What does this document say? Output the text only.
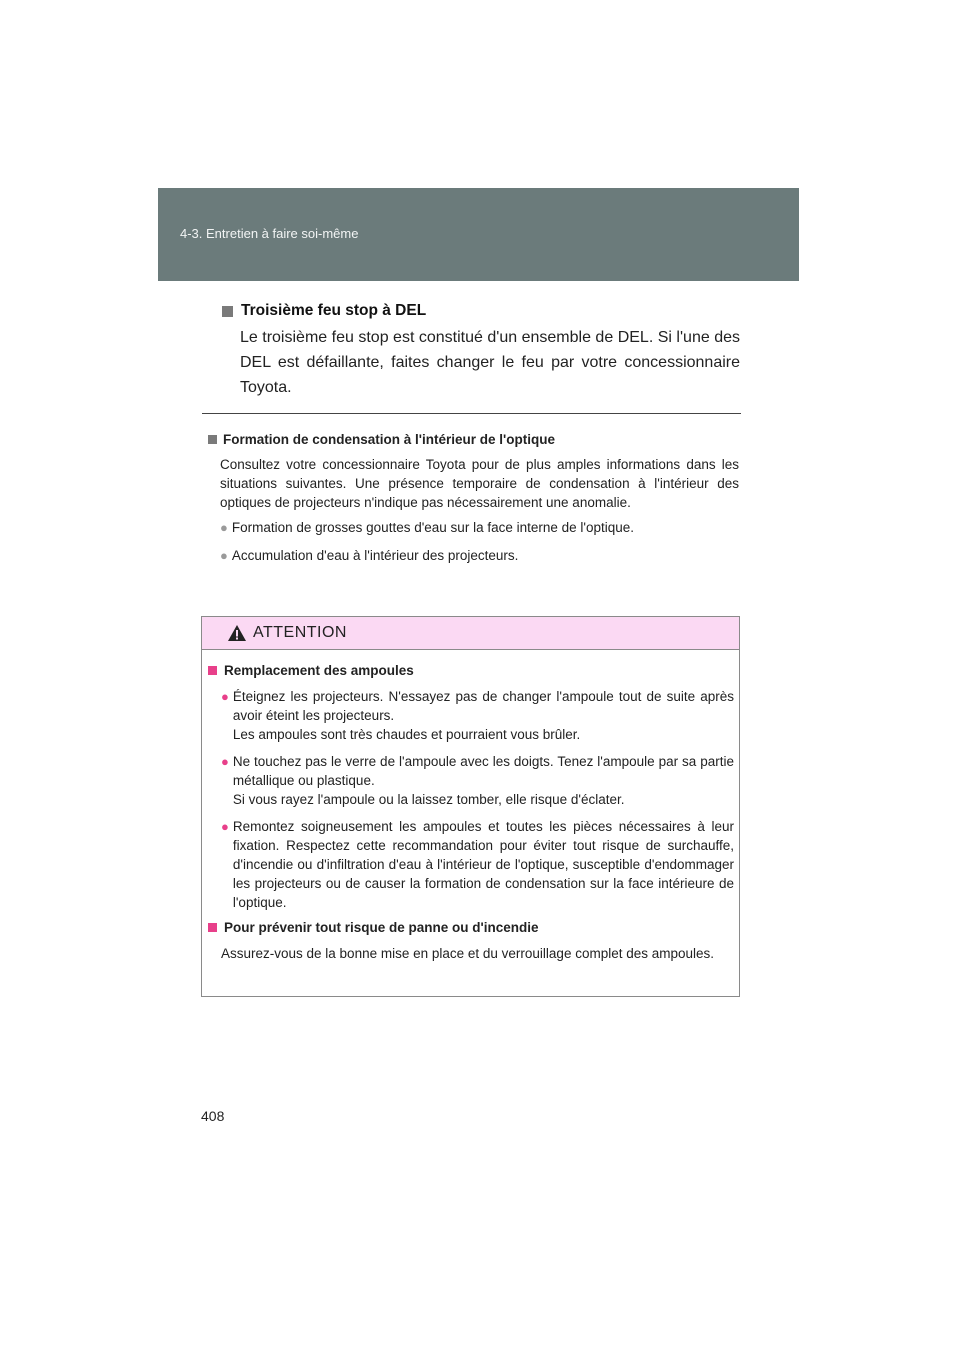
4-3. Entretien à faire soi-même
Troisième feu stop à DEL

Le troisième feu stop est constitué d'un ensemble de DEL. Si l'une des DEL est défaillante, faites changer le feu par votre concessionnaire Toyota.

Formation de condensation à l'intérieur de l'optique
Consultez votre concessionnaire Toyota pour de plus amples informations dans les situations suivantes. Une présence temporaire de condensation à l'intérieur des optiques de projecteurs n'indique pas nécessairement une anomalie.
● Formation de grosses gouttes d'eau sur la face interne de l'optique.
● Accumulation d'eau à l'intérieur des projecteurs.
ATTENTION
Remplacement des ampoules
● Éteignez les projecteurs. N'essayez pas de changer l'ampoule tout de suite après avoir éteint les projecteurs.
Les ampoules sont très chaudes et pourraient vous brûler.
● Ne touchez pas le verre de l'ampoule avec les doigts. Tenez l'ampoule par sa partie métallique ou plastique.
Si vous rayez l'ampoule ou la laissez tomber, elle risque d'éclater.
● Remontez soigneusement les ampoules et toutes les pièces nécessaires à leur fixation. Respectez cette recommandation pour éviter tout risque de surchauffe, d'incendie ou d'infiltration d'eau à l'intérieur de l'optique, susceptible d'endommager les projecteurs ou de causer la formation de condensation sur la face intérieure de l'optique.
Pour prévenir tout risque de panne ou d'incendie
Assurez-vous de la bonne mise en place et du verrouillage complet des ampoules.
408
